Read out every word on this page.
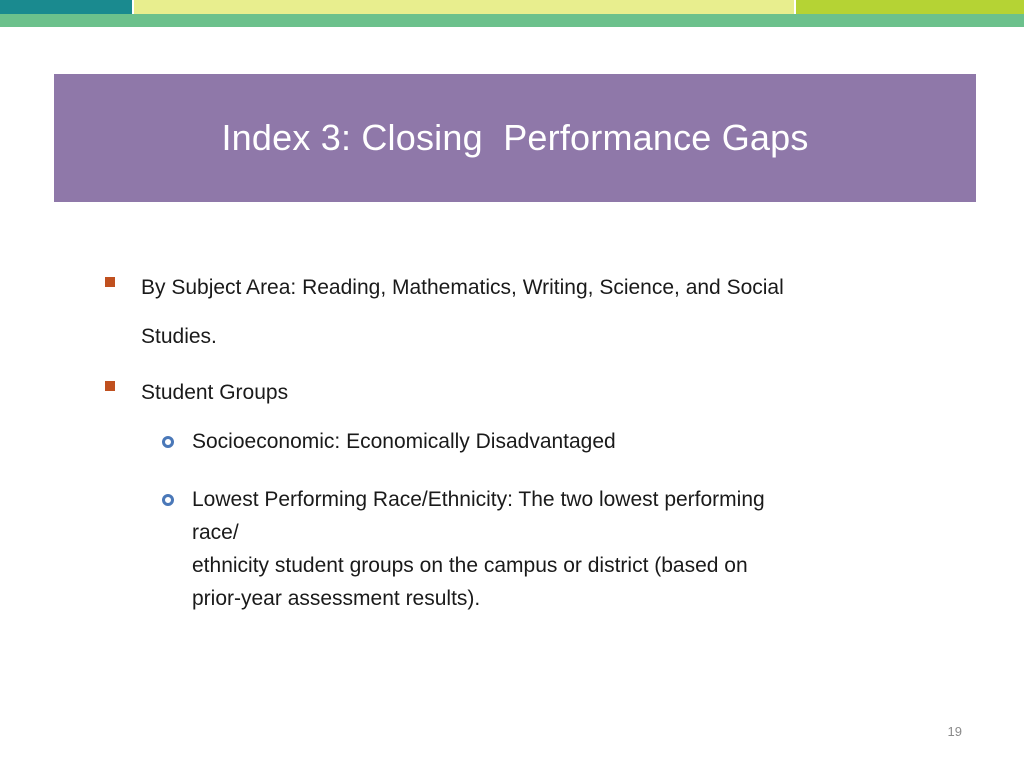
Index 3: Closing  Performance Gaps
By Subject Area: Reading, Mathematics, Writing, Science, and Social
Studies.
Student Groups
Socioeconomic: Economically Disadvantaged
Lowest Performing Race/Ethnicity: The two lowest performing
race/
ethnicity student groups on the campus or district (based on
prior-year assessment results).
19
